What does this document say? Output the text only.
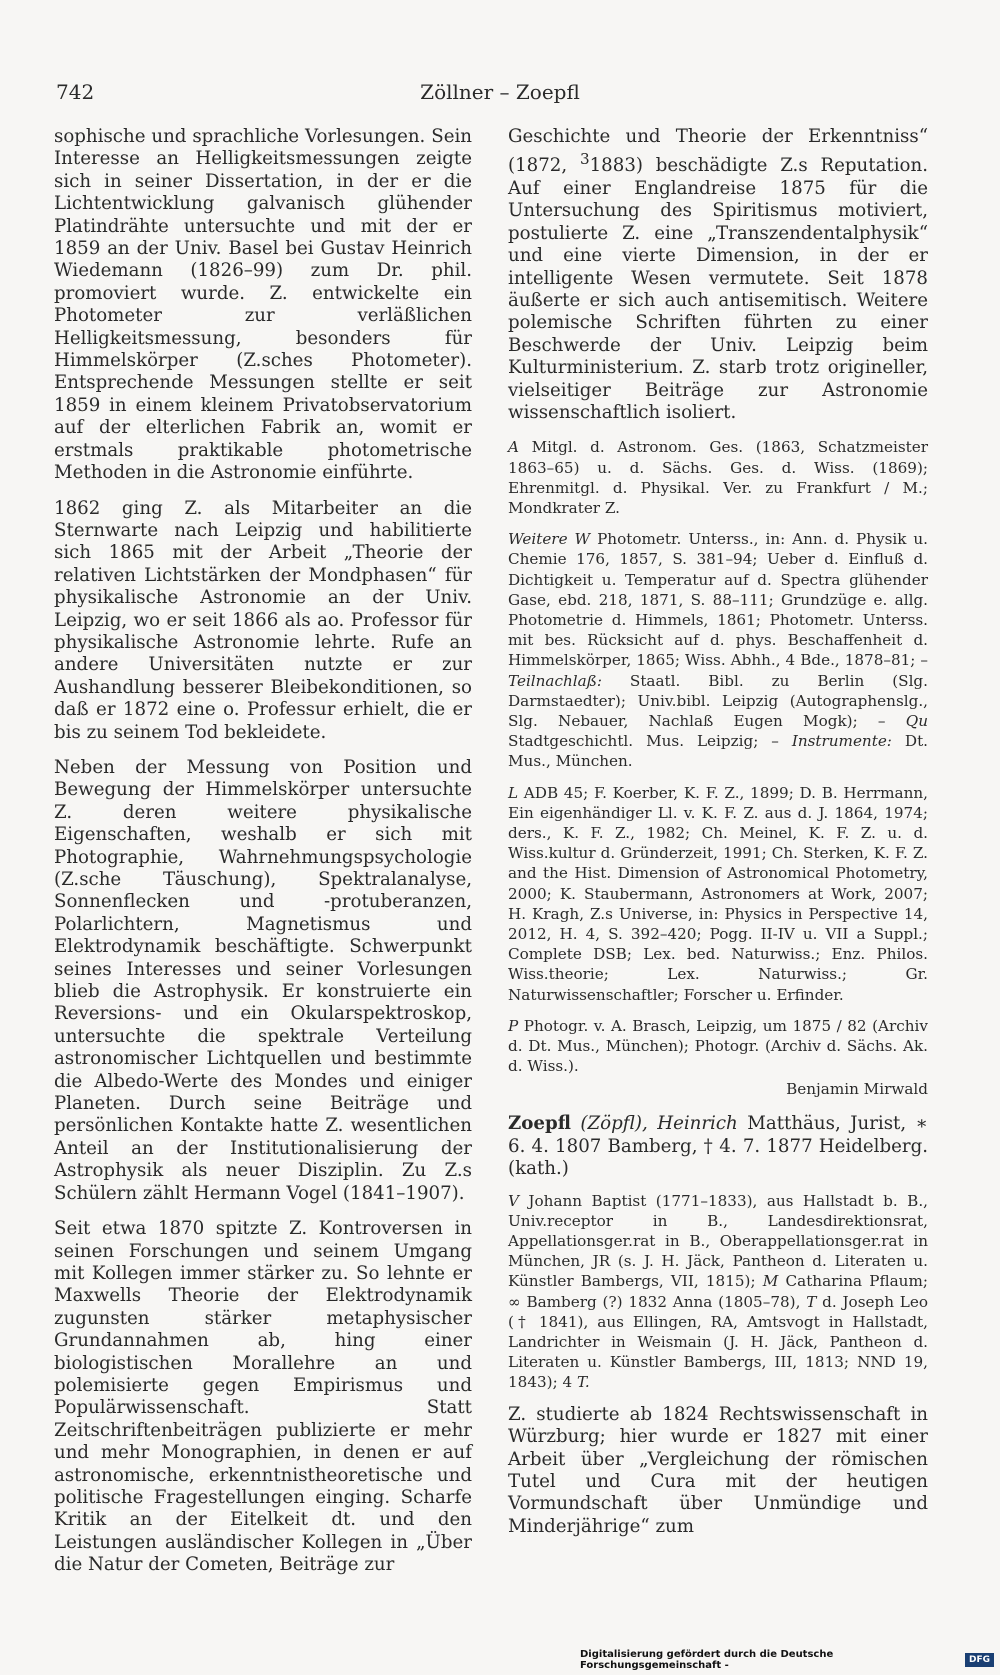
742	Zöllner – Zoepfl

sophische und sprachliche Vorlesungen. Sein Interesse an Helligkeitsmessungen zeigte sich in seiner Dissertation, in der er die Lichtentwicklung galvanisch glühender Platindrähte untersuchte und mit der er 1859 an der Univ. Basel bei Gustav Heinrich Wiedemann (1826–99) zum Dr. phil. promoviert wurde. Z. entwickelte ein Photometer zur verläßlichen Helligkeitsmessung, besonders für Himmelskörper (Z.sches Photometer). Entsprechende Messungen stellte er seit 1859 in einem kleinem Privatobservatorium auf der elterlichen Fabrik an, womit er erstmals praktikable photometrische Methoden in die Astronomie einführte.

1862 ging Z. als Mitarbeiter an die Sternwarte nach Leipzig und habilitierte sich 1865 mit der Arbeit „Theorie der relativen Lichtstärken der Mondphasen“ für physikalische Astronomie an der Univ. Leipzig, wo er seit 1866 als ao. Professor für physikalische Astronomie lehrte. Rufe an andere Universitäten nutzte er zur Aushandlung besserer Bleibekonditionen, so daß er 1872 eine o. Professur erhielt, die er bis zu seinem Tod bekleidete.

Neben der Messung von Position und Bewegung der Himmelskörper untersuchte Z. deren weitere physikalische Eigenschaften, weshalb er sich mit Photographie, Wahrnehmungspsychologie (Z.sche Täuschung), Spektralanalyse, Sonnenflecken und -protuberanzen, Polarlichtern, Magnetismus und Elektrodynamik beschäftigte. Schwerpunkt seines Interesses und seiner Vorlesungen blieb die Astrophysik. Er konstruierte ein Reversions- und ein Okularspektroskop, untersuchte die spektrale Verteilung astronomischer Lichtquellen und bestimmte die Albedo-Werte des Mondes und einiger Planeten. Durch seine Beiträge und persönlichen Kontakte hatte Z. wesentlichen Anteil an der Institutionalisierung der Astrophysik als neuer Disziplin. Zu Z.s Schülern zählt Hermann Vogel (1841–1907).

Seit etwa 1870 spitzte Z. Kontroversen in seinen Forschungen und seinem Umgang mit Kollegen immer stärker zu. So lehnte er Maxwells Theorie der Elektrodynamik zugunsten stärker metaphysischer Grundannahmen ab, hing einer biologistischen Morallehre an und polemisierte gegen Empirismus und Populärwissenschaft. Statt Zeitschriftenbeiträgen publizierte er mehr und mehr Monographien, in denen er auf astronomische, erkenntnistheoretische und politische Fragestellungen einging. Scharfe Kritik an der Eitelkeit dt. und den Leistungen ausländischer Kollegen in „Über die Natur der Cometen, Beiträge zur

Geschichte und Theorie der Erkenntniss“ (1872, $^3$1883) beschädigte Z.s Reputation. Auf einer Englandreise 1875 für die Untersuchung des Spiritismus motiviert, postulierte Z. eine „Transzendentalphysik“ und eine vierte Dimension, in der er intelligente Wesen vermutete. Seit 1878 äußerte er sich auch antisemitisch. Weitere polemische Schriften führten zu einer Beschwerde der Univ. Leipzig beim Kulturministerium. Z. starb trotz origineller, vielseitiger Beiträge zur Astronomie wissenschaftlich isoliert.

A Mitgl. d. Astronom. Ges. (1863, Schatzmeister 1863–65) u. d. Sächs. Ges. d. Wiss. (1869); Ehrenmitgl. d. Physikal. Ver. zu Frankfurt / M.; Mondkrater Z.

Weitere W Photometr. Unterss., in: Ann. d. Physik u. Chemie 176, 1857, S. 381–94; Ueber d. Einfluß d. Dichtigkeit u. Temperatur auf d. Spectra glühender Gase, ebd. 218, 1871, S. 88–111; Grundzüge e. allg. Photometrie d. Himmels, 1861; Photometr. Unterss. mit bes. Rücksicht auf d. phys. Beschaffenheit d. Himmelskörper, 1865; Wiss. Abhh., 4 Bde., 1878–81; – Teilnachlaß: Staatl. Bibl. zu Berlin (Slg. Darmstaedter); Univ.bibl. Leipzig (Autographenslg., Slg. Nebauer, Nachlaß Eugen Mogk); – Qu Stadtgeschichtl. Mus. Leipzig; – Instrumente: Dt. Mus., München.

L ADB 45; F. Koerber, K. F. Z., 1899; D. B. Herrmann, Ein eigenhändiger Ll. v. K. F. Z. aus d. J. 1864, 1974; ders., K. F. Z., 1982; Ch. Meinel, K. F. Z. u. d. Wiss.kultur d. Gründerzeit, 1991; Ch. Sterken, K. F. Z. and the Hist. Dimension of Astronomical Photometry, 2000; K. Staubermann, Astronomers at Work, 2007; H. Kragh, Z.s Universe, in: Physics in Perspective 14, 2012, H. 4, S. 392–420; Pogg. II-IV u. VII a Suppl.; Complete DSB; Lex. bed. Naturwiss.; Enz. Philos. Wiss.theorie; Lex. Naturwiss.; Gr. Naturwissenschaftler; Forscher u. Erfinder.

P Photogr. v. A. Brasch, Leipzig, um 1875 / 82 (Archiv d. Dt. Mus., München); Photogr. (Archiv d. Sächs. Ak. d. Wiss.).

Benjamin Mirwald

Zoepfl (Zöpfl), Heinrich Matthäus, Jurist, ∗ 6. 4. 1807 Bamberg, † 4. 7. 1877 Heidelberg. (kath.)

V Johann Baptist (1771–1833), aus Hallstadt b. B., Univ.receptor in B., Landesdirektionsrat, Appellationsger.rat in B., Oberappellationsger.rat in München, JR (s. J. H. Jäck, Pantheon d. Literaten u. Künstler Bambergs, VII, 1815); M Catharina Pflaum; ∞ Bamberg (?) 1832 Anna (1805–78), T d. Joseph Leo († 1841), aus Ellingen, RA, Amtsvogt in Hallstadt, Landrichter in Weismain (J. H. Jäck, Pantheon d. Literaten u. Künstler Bambergs, III, 1813; NND 19, 1843); 4 T.

Z. studierte ab 1824 Rechtswissenschaft in Würzburg; hier wurde er 1827 mit einer Arbeit über „Vergleichung der römischen Tutel und Cura mit der heutigen Vormundschaft über Unmündige und Minderjährige“ zum

Digitalisierung gefördert durch die Deutsche Forschungsgemeinschaft -	DFG
